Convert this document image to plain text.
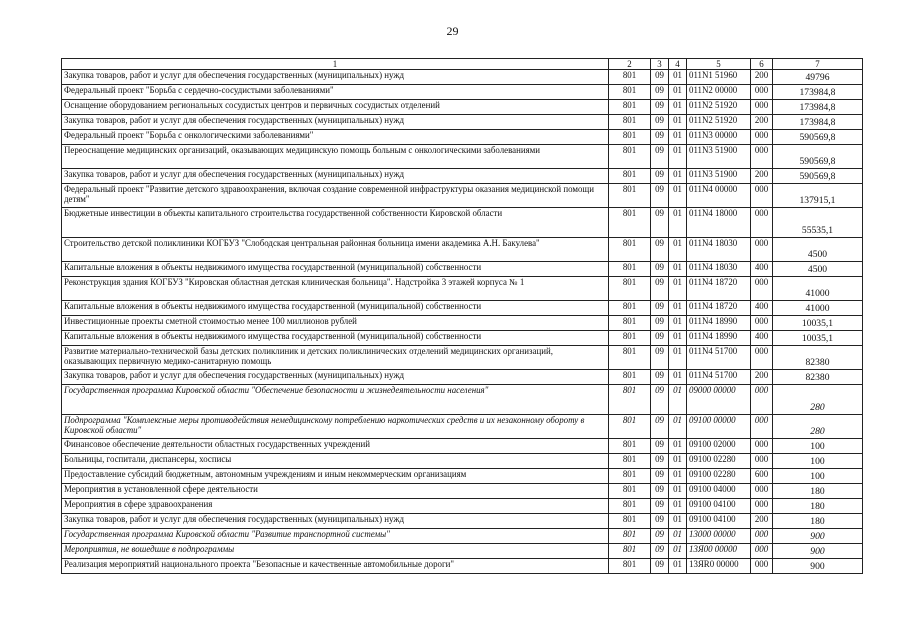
29
1	2	3	4	5	6	7
Закупка товаров, работ и услуг для обеспечения государственных (муниципальных) нужд	801	09	01	011N1 51960	200	49796
Федеральный проект "Борьба с сердечно-сосудистыми заболеваниями"	801	09	01	011N2 00000	000	173984,8
Оснащение оборудованием региональных сосудистых центров и первичных сосудистых отделений	801	09	01	011N2 51920	000	173984,8
Закупка товаров, работ и услуг для обеспечения государственных (муниципальных) нужд	801	09	01	011N2 51920	200	173984,8
Федеральный проект "Борьба с онкологическими заболеваниями"	801	09	01	011N3 00000	000	590569,8
Переоснащение медицинских организаций, оказывающих медицинскую помощь больным с онкологическими заболеваниями	801	09	01	011N3 51900	000	590569,8
Закупка товаров, работ и услуг для обеспечения государственных (муниципальных) нужд	801	09	01	011N3 51900	200	590569,8
Федеральный проект "Развитие детского здравоохранения, включая создание современной инфраструктуры оказания медицинской помощи детям"	801	09	01	011N4 00000	000	137915,1
Бюджетные инвестиции в объекты капитального строительства государственной собственности Кировской области	801	09	01	011N4 18000	000	55535,1
Строительство детской поликлиники КОГБУЗ "Слободская центральная районная больница имени академика А.Н. Бакулева"	801	09	01	011N4 18030	000	4500
Капитальные вложения в объекты недвижимого имущества государственной (муниципальной) собственности	801	09	01	011N4 18030	400	4500
Реконструкция здания КОГБУЗ "Кировская областная детская клиническая больница". Надстройка 3 этажей корпуса № 1	801	09	01	011N4 18720	000	41000
Капитальные вложения в объекты недвижимого имущества государственной (муниципальной) собственности	801	09	01	011N4 18720	400	41000
Инвестиционные проекты сметной стоимостью менее 100 миллионов рублей	801	09	01	011N4 18990	000	10035,1
Капитальные вложения в объекты недвижимого имущества государственной (муниципальной) собственности	801	09	01	011N4 18990	400	10035,1
Развитие материально-технической базы детских поликлиник и детских поликлинических отделений медицинских организаций, оказывающих первичную медико-санитарную помощь	801	09	01	011N4 51700	000	82380
Закупка товаров, работ и услуг для обеспечения государственных (муниципальных) нужд	801	09	01	011N4 51700	200	82380
Государственная программа Кировской области "Обеспечение безопасности и жизнедеятельности населения"	801	09	01	09000 00000	000	280
Подпрограмма "Комплексные меры противодействия немедицинскому потреблению наркотических средств и их незаконному обороту в Кировской области"	801	09	01	09100 00000	000	280
Финансовое обеспечение деятельности областных государственных учреждений	801	09	01	09100 02000	000	100
Больницы, госпитали, диспансеры, хосписы	801	09	01	09100 02280	000	100
Предоставление субсидий бюджетным, автономным учреждениям и иным некоммерческим организациям	801	09	01	09100 02280	600	100
Мероприятия в установленной сфере деятельности	801	09	01	09100 04000	000	180
Мероприятия в сфере здравоохранения	801	09	01	09100 04100	000	180
Закупка товаров, работ и услуг для обеспечения государственных (муниципальных) нужд	801	09	01	09100 04100	200	180
Государственная программа Кировской области "Развитие транспортной системы"	801	09	01	13000 00000	000	900
Мероприятия, не вошедшие в подпрограммы	801	09	01	13Я00 00000	000	900
Реализация мероприятий национального проекта "Безопасные и качественные автомобильные дороги"	801	09	01	13ЯR0 00000	000	900
